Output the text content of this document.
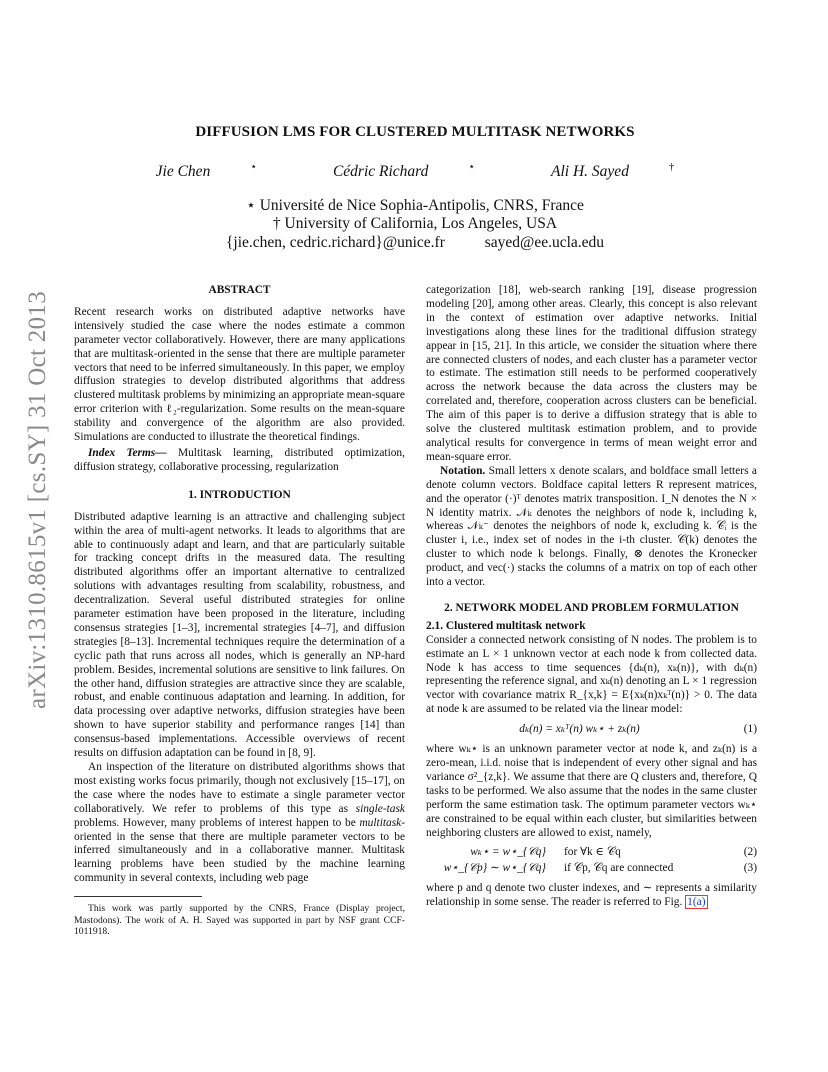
arXiv:1310.8615v1 [cs.SY] 31 Oct 2013
DIFFUSION LMS FOR CLUSTERED MULTITASK NETWORKS
Jie Chen	⋆	Cédric Richard	⋆	Ali H. Sayed	†
⋆ Université de Nice Sophia-Antipolis, CNRS, France
† University of California, Los Angeles, USA
{jie.chen, cedric.richard}@unice.fr	sayed@ee.ucla.edu
ABSTRACT

Recent research works on distributed adaptive networks have intensively studied the case where the nodes estimate a common parameter vector collaboratively. However, there are many applications that are multitask-oriented in the sense that there are multiple parameter vectors that need to be inferred simultaneously. In this paper, we employ diffusion strategies to develop distributed algorithms that address clustered multitask problems by minimizing an appropriate mean-square error criterion with ℓ₂-regularization. Some results on the mean-square stability and convergence of the algorithm are also provided. Simulations are conducted to illustrate the theoretical findings.

Index Terms— Multitask learning, distributed optimization, diffusion strategy, collaborative processing, regularization

1. INTRODUCTION

Distributed adaptive learning is an attractive and challenging subject within the area of multi-agent networks. It leads to algorithms that are able to continuously adapt and learn, and that are particularly suitable for tracking concept drifts in the measured data. The resulting distributed algorithms offer an important alternative to centralized solutions with advantages resulting from scalability, robustness, and decentralization. Several useful distributed strategies for online parameter estimation have been proposed in the literature, including consensus strategies [1–3], incremental strategies [4–7], and diffusion strategies [8–13]. Incremental techniques require the determination of a cyclic path that runs across all nodes, which is generally an NP-hard problem. Besides, incremental solutions are sensitive to link failures. On the other hand, diffusion strategies are attractive since they are scalable, robust, and enable continuous adaptation and learning. In addition, for data processing over adaptive networks, diffusion strategies have been shown to have superior stability and performance ranges [14] than consensus-based implementations. Accessible overviews of recent results on diffusion adaptation can be found in [8, 9].

An inspection of the literature on distributed algorithms shows that most existing works focus primarily, though not exclusively [15–17], on the case where the nodes have to estimate a single parameter vector collaboratively. We refer to problems of this type as single-task problems. However, many problems of interest happen to be multitask-oriented in the sense that there are multiple parameter vectors to be inferred simultaneously and in a collaborative manner. Multitask learning problems have been studied by the machine learning community in several contexts, including web page

This work was partly supported by the CNRS, France (Display project, Mastodons). The work of A. H. Sayed was supported in part by NSF grant CCF-1011918.

categorization [18], web-search ranking [19], disease progression modeling [20], among other areas. Clearly, this concept is also relevant in the context of estimation over adaptive networks. Initial investigations along these lines for the traditional diffusion strategy appear in [15, 21]. In this article, we consider the situation where there are connected clusters of nodes, and each cluster has a parameter vector to estimate. The estimation still needs to be performed cooperatively across the network because the data across the clusters may be correlated and, therefore, cooperation across clusters can be beneficial. The aim of this paper is to derive a diffusion strategy that is able to solve the clustered multitask estimation problem, and to provide analytical results for convergence in terms of mean weight error and mean-square error.

Notation. Small letters x denote scalars, and boldface small letters a denote column vectors. Boldface capital letters R represent matrices, and the operator (·)ᵀ denotes matrix transposition. I_N denotes the N × N identity matrix. 𝒩ₖ denotes the neighbors of node k, including k, whereas 𝒩ₖ⁻ denotes the neighbors of node k, excluding k. 𝒞ᵢ is the cluster i, i.e., index set of nodes in the i-th cluster. 𝒞(k) denotes the cluster to which node k belongs. Finally, ⊗ denotes the Kronecker product, and vec(·) stacks the columns of a matrix on top of each other into a vector.

2. NETWORK MODEL AND PROBLEM FORMULATION

2.1. Clustered multitask network

Consider a connected network consisting of N nodes. The problem is to estimate an L × 1 unknown vector at each node k from collected data. Node k has access to time sequences {dₖ(n), xₖ(n)}, with dₖ(n) representing the reference signal, and xₖ(n) denoting an L × 1 regression vector with covariance matrix R_{x,k} = E{xₖ(n)xₖᵀ(n)} > 0. The data at node k are assumed to be related via the linear model:

dₖ(n) = xₖᵀ(n) wₖ⋆ + zₖ(n)	(1)

where wₖ⋆ is an unknown parameter vector at node k, and zₖ(n) is a zero-mean, i.i.d. noise that is independent of every other signal and has variance σ²_{z,k}. We assume that there are Q clusters and, therefore, Q tasks to be performed. We also assume that the nodes in the same cluster perform the same estimation task. The optimum parameter vectors wₖ⋆ are constrained to be equal within each cluster, but similarities between neighboring clusters are allowed to exist, namely,

wₖ⋆ = w⋆_{𝒞q}	for ∀k ∈ 𝒞q	(2)
w⋆_{𝒞p} ∼ w⋆_{𝒞q}	if 𝒞p, 𝒞q are connected	(3)

where p and q denote two cluster indexes, and ∼ represents a similarity relationship in some sense. The reader is referred to Fig. 1(a)
